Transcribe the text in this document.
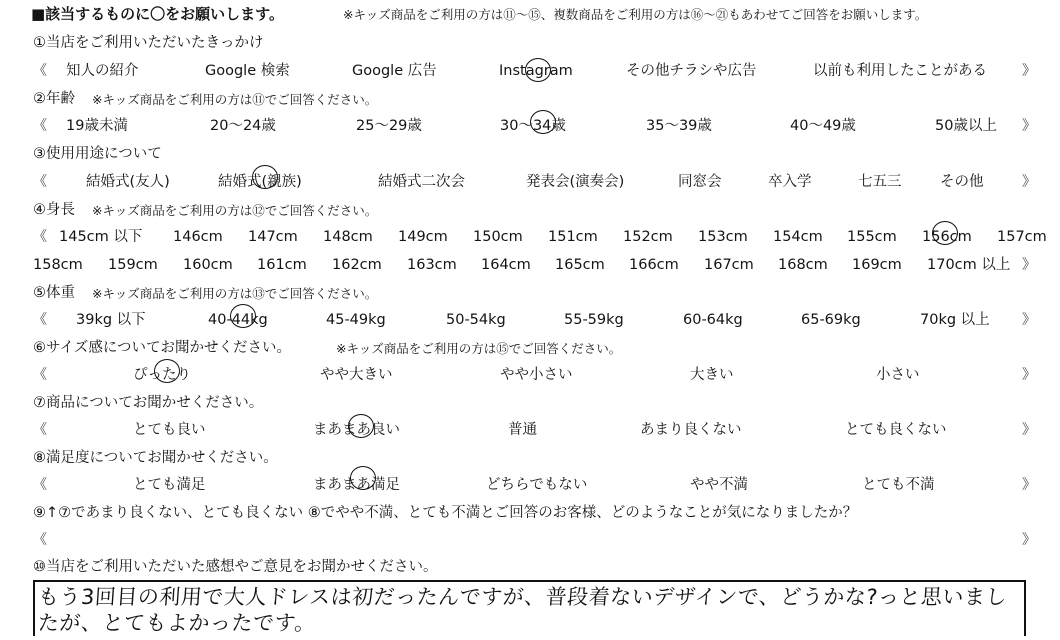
■該当するものに〇をお願いします。	※キッズ商品をご利用の方は⑪〜⑮、複数商品をご利用の方は⑯〜㉑もあわせてご回答をお願いします。
①当店をご利用いただいたきっかけ
《 知人の紹介	Google 検索	Google 広告	Instagram	その他チラシや広告	以前も利用したことがある	》
②年齢 ※キッズ商品をご利用の方は⑪でご回答ください。
《 19歳未満	20〜24歳	25〜29歳	30〜34歳	35〜39歳	40〜49歳	50歳以上 》
③使用用途について
《	結婚式(友人)	結婚式(親族)	結婚式二次会	発表会(演奏会)	同窓会	卒入学	七五三	その他	》
④身長 ※キッズ商品をご利用の方は⑫でご回答ください。
《 145cm 以下 146cm 147cm 148cm 149cm 150cm 151cm 152cm 153cm 154cm 155cm 156cm 157cm
158cm 159cm 160cm 161cm 162cm 163cm 164cm 165cm 166cm 167cm 168cm 169cm 170cm 以上 》
⑤体重 ※キッズ商品をご利用の方は⑬でご回答ください。
《 39kg 以下	40-44kg	45-49kg	50-54kg	55-59kg	60-64kg	65-69kg	70kg 以上 》
⑥サイズ感についてお聞かせください。	※キッズ商品をご利用の方は⑮でご回答ください。
《	ぴったり	やや大きい	やや小さい	大きい	小さい	》
⑦商品についてお聞かせください。
《	とても良い	まあまあ良い	普通	あまり良くない	とても良くない	》
⑧満足度についてお聞かせください。
《	とても満足	まあまあ満足	どちらでもない	やや不満	とても不満	》
⑨↑⑦であまり良くない、とても良くない ⑧でやや不満、とても不満とご回答のお客様、どのようなことが気になりましたか？
《	》
⑩当店をご利用いただいた感想やご意見をお聞かせください。
もう3回目の利用で大人ドレスは初だったんですが、普段着ないデザインで、どうかな?っと思いまし
たが、とてもよかったです。
